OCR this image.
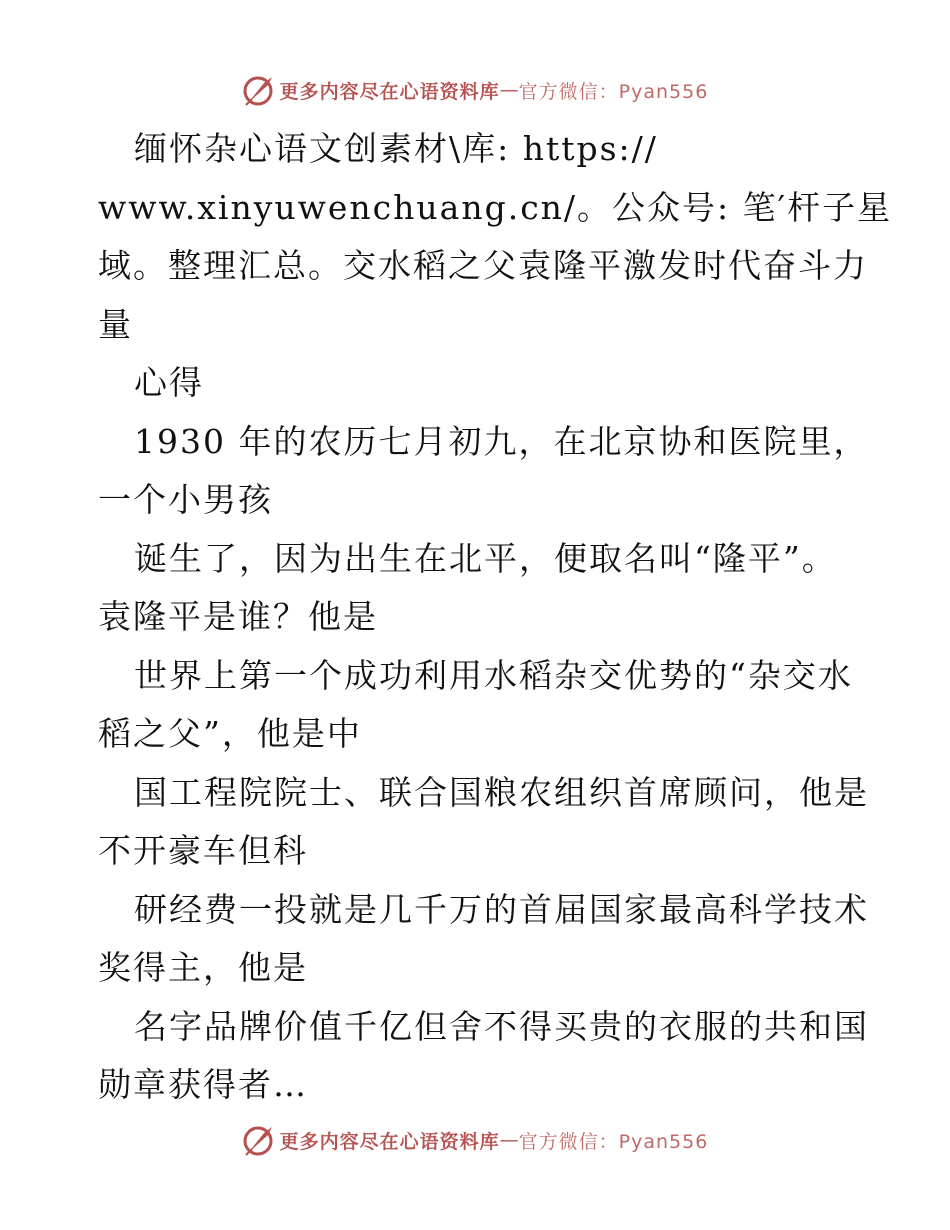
更多内容尽在心语资料库 — 官方微信：Pyan556
缅怀杂心语文创素材\库: https://
www.xinyuwenchuang.cn/。公众号: 笔′杆子星
域。整理汇总。交水稻之父袁隆平激发时代奋斗力
量
心得
1930 年的农历七月初九，在北京协和医院里，
一个小男孩
诞生了，因为出生在北平，便取名叫“隆平”。
袁隆平是谁？他是
世界上第一个成功利用水稻杂交优势的“杂交水
稻之父”，他是中
国工程院院士、联合国粮农组织首席顾问，他是
不开豪车但科
研经费一投就是几千万的首届国家最高科学技术
奖得主，他是
名字品牌价值千亿但舍不得买贵的衣服的共和国
勋章获得者…
更多内容尽在心语资料库 — 官方微信：Pyan556
